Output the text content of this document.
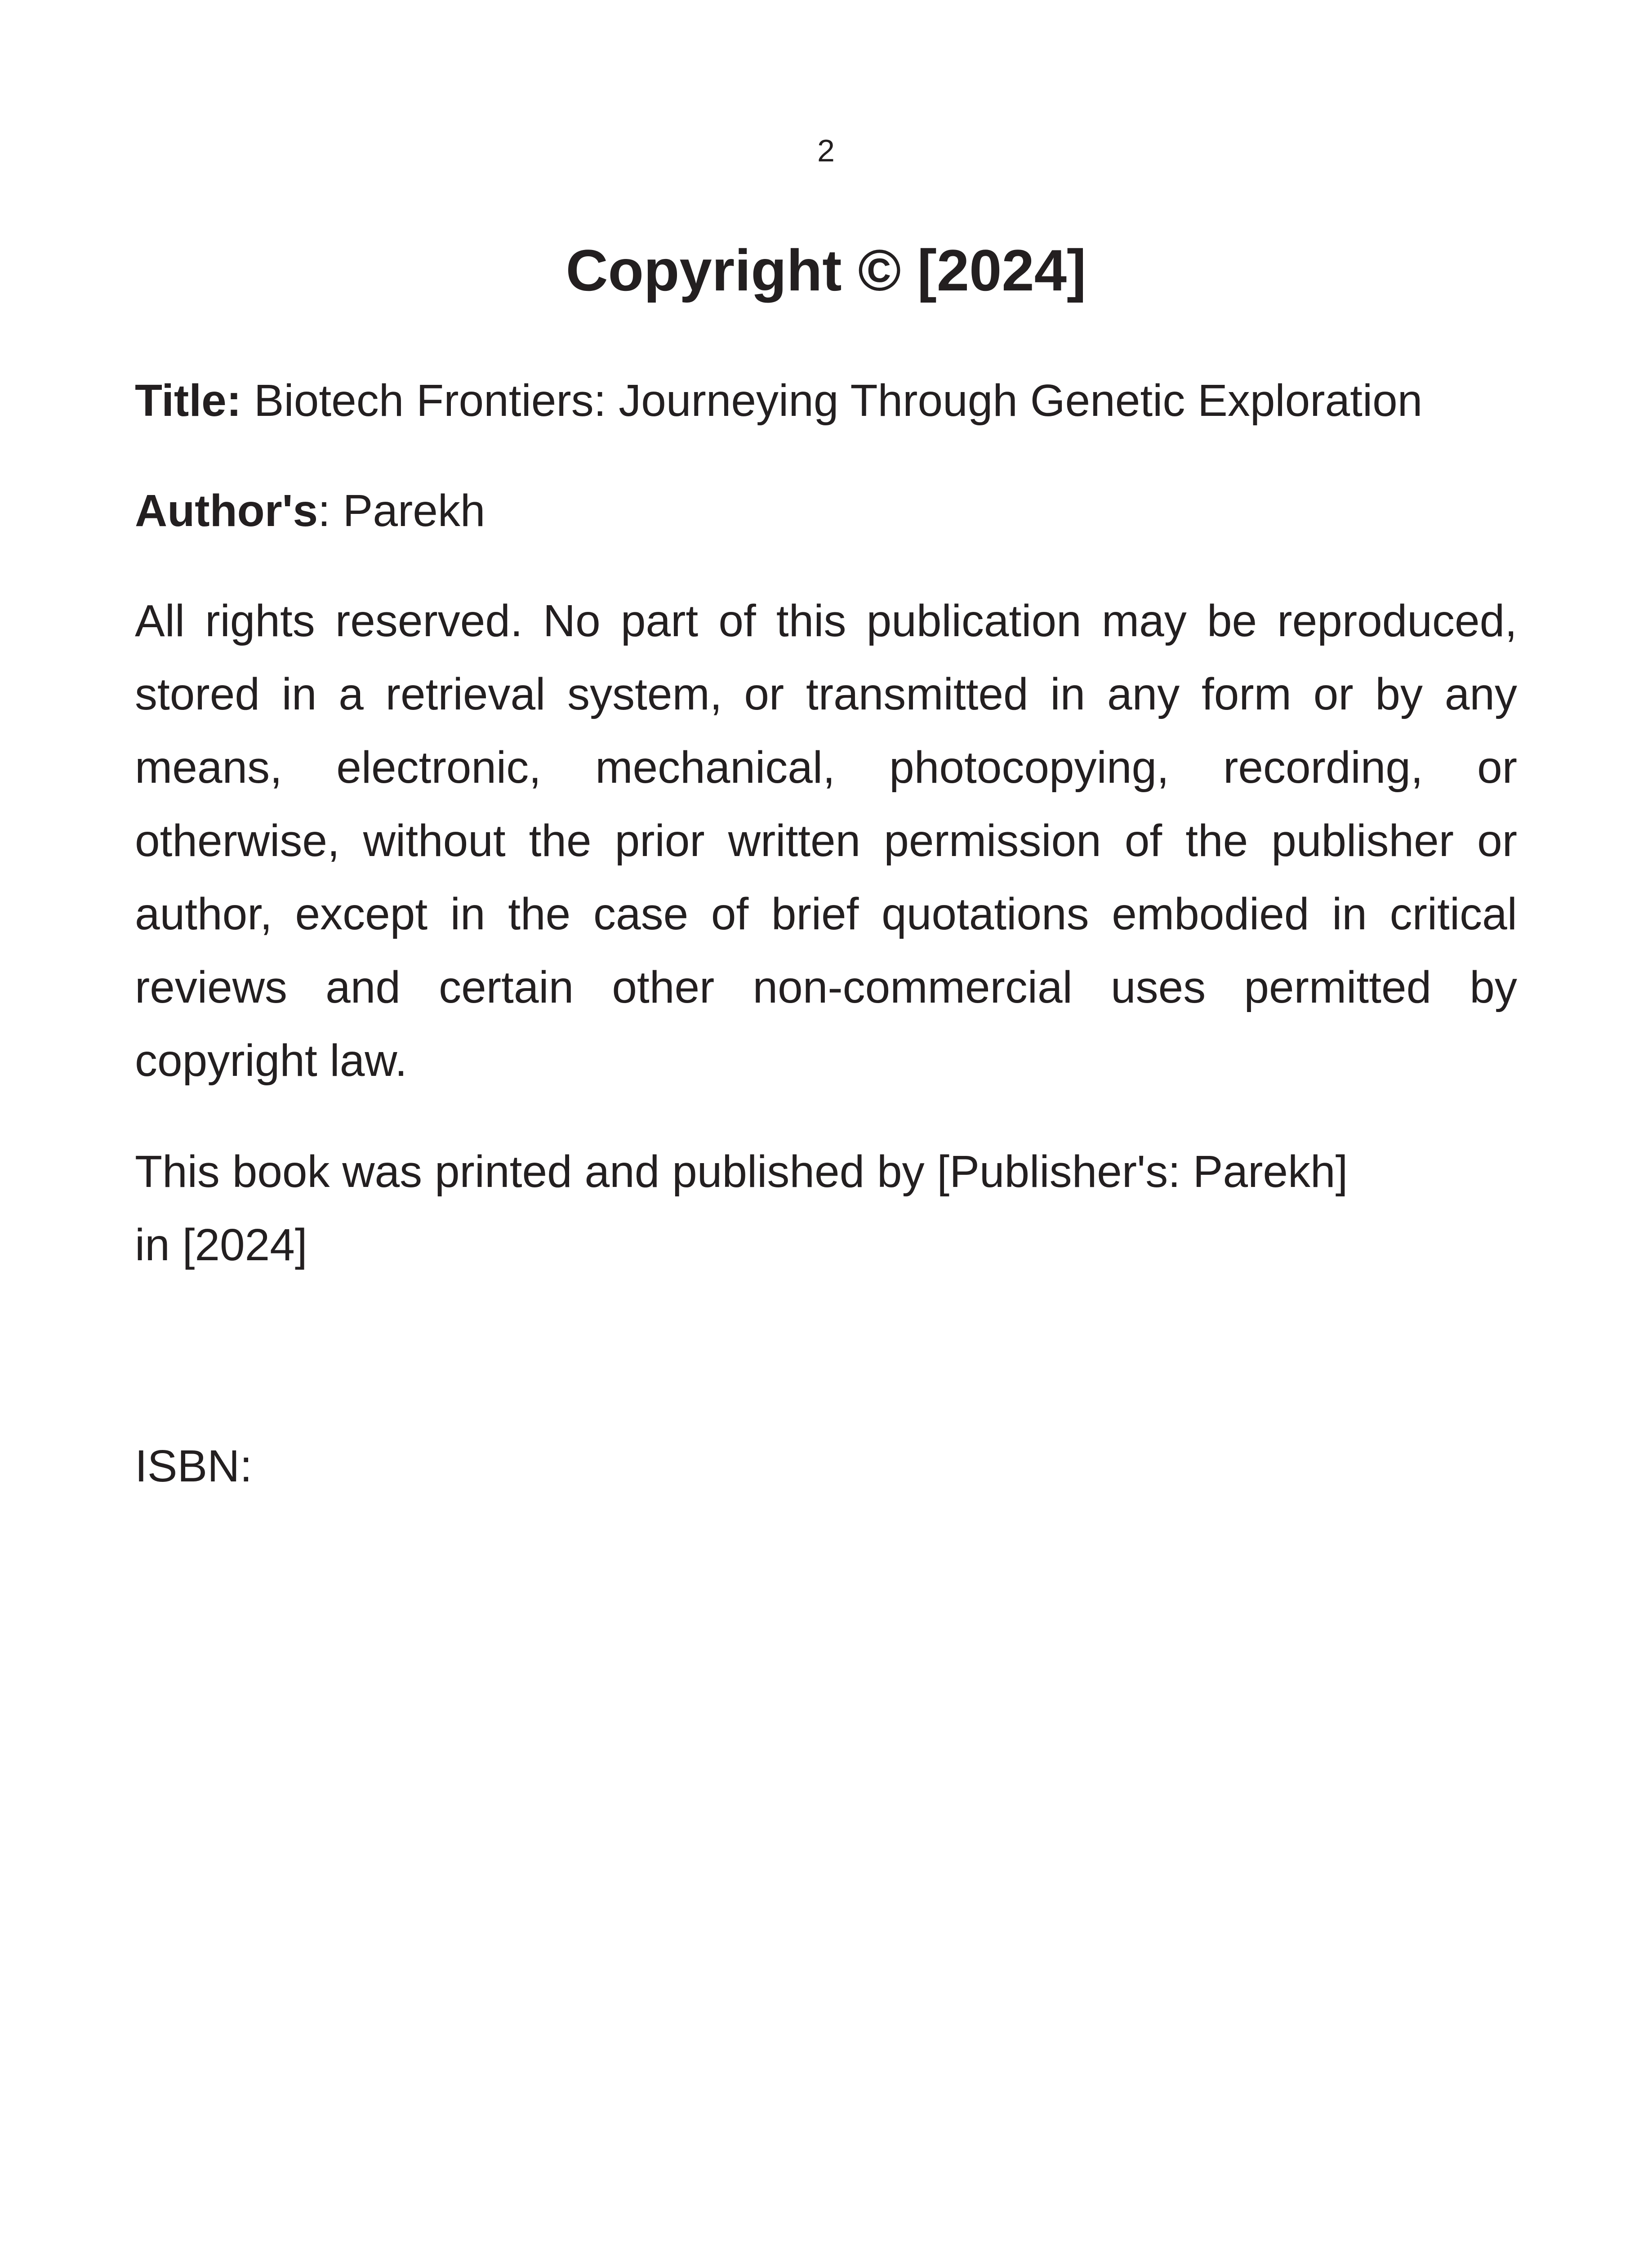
2
Copyright © [2024]

Title: Biotech Frontiers: Journeying Through Genetic Exploration

Author's: Parekh

All rights reserved. No part of this publication may be reproduced, stored in a retrieval system, or transmitted in any form or by any means, electronic, mechanical, photocopying, recording, or otherwise, without the prior written permission of the publisher or author, except in the case of brief quotations embodied in critical reviews and certain other non-commercial uses permitted by copyright law.

This book was printed and published by [Publisher's: Parekh]

in [2024]

ISBN:
